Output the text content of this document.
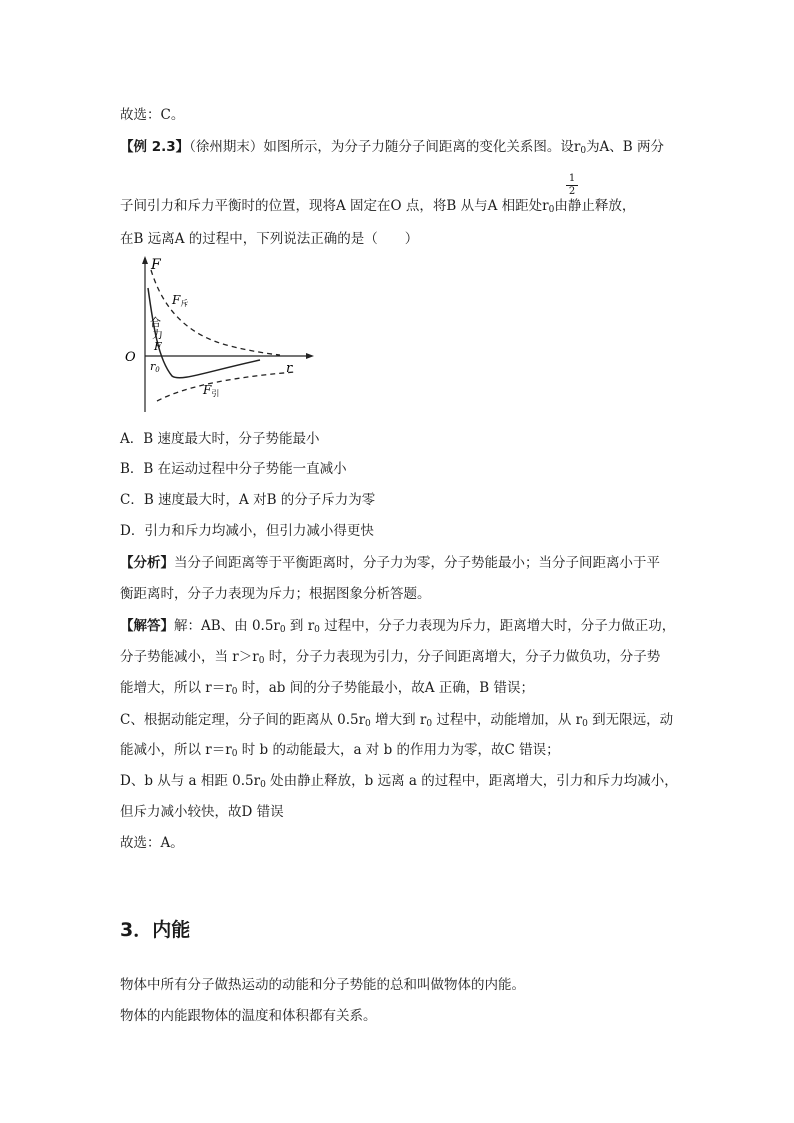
故选：C。
【例 2.3】（徐州期末）如图所示，为分子力随分子间距离的变化关系图。设$r_0$为A、B 两分
1
2
子间引力和斥力平衡时的位置，现将A 固定在O 点，将B 从与A 相距处$r_0$由静止释放，
在B 远离A 的过程中，下列说法正确的是（　　）
F
O
r
r0
F斥
F引
合
力
F
A．B 速度最大时，分子势能最小
B．B 在运动过程中分子势能一直减小
C．B 速度最大时，A 对B 的分子斥力为零
D．引力和斥力均减小，但引力减小得更快
【分析】当分子间距离等于平衡距离时，分子力为零，分子势能最小；当分子间距离小于平
衡距离时，分子力表现为斥力；根据图象分析答题。
【解答】解：AB、由 $0.5r_0$ 到 $r_0$ 过程中，分子力表现为斥力，距离增大时，分子力做正功，
分子势能减小，当 $r>r_0$ 时，分子力表现为引力，分子间距离增大，分子力做负功，分子势
能增大，所以 $r=r_0$ 时，ab 间的分子势能最小，故A 正确，B 错误；
C、根据动能定理，分子间的距离从 $0.5r_0$ 增大到 $r_0$ 过程中，动能增加，从 $r_0$ 到无限远，动
能减小，所以 $r=r_0$ 时 b 的动能最大，a 对 b 的作用力为零，故C 错误；
D、b 从与 a 相距 $0.5r_0$ 处由静止释放，b 远离 a 的过程中，距离增大，引力和斥力均减小，
但斥力减小较快，故D 错误
故选：A。
3．内能
物体中所有分子做热运动的动能和分子势能的总和叫做物体的内能。
物体的内能跟物体的温度和体积都有关系。
